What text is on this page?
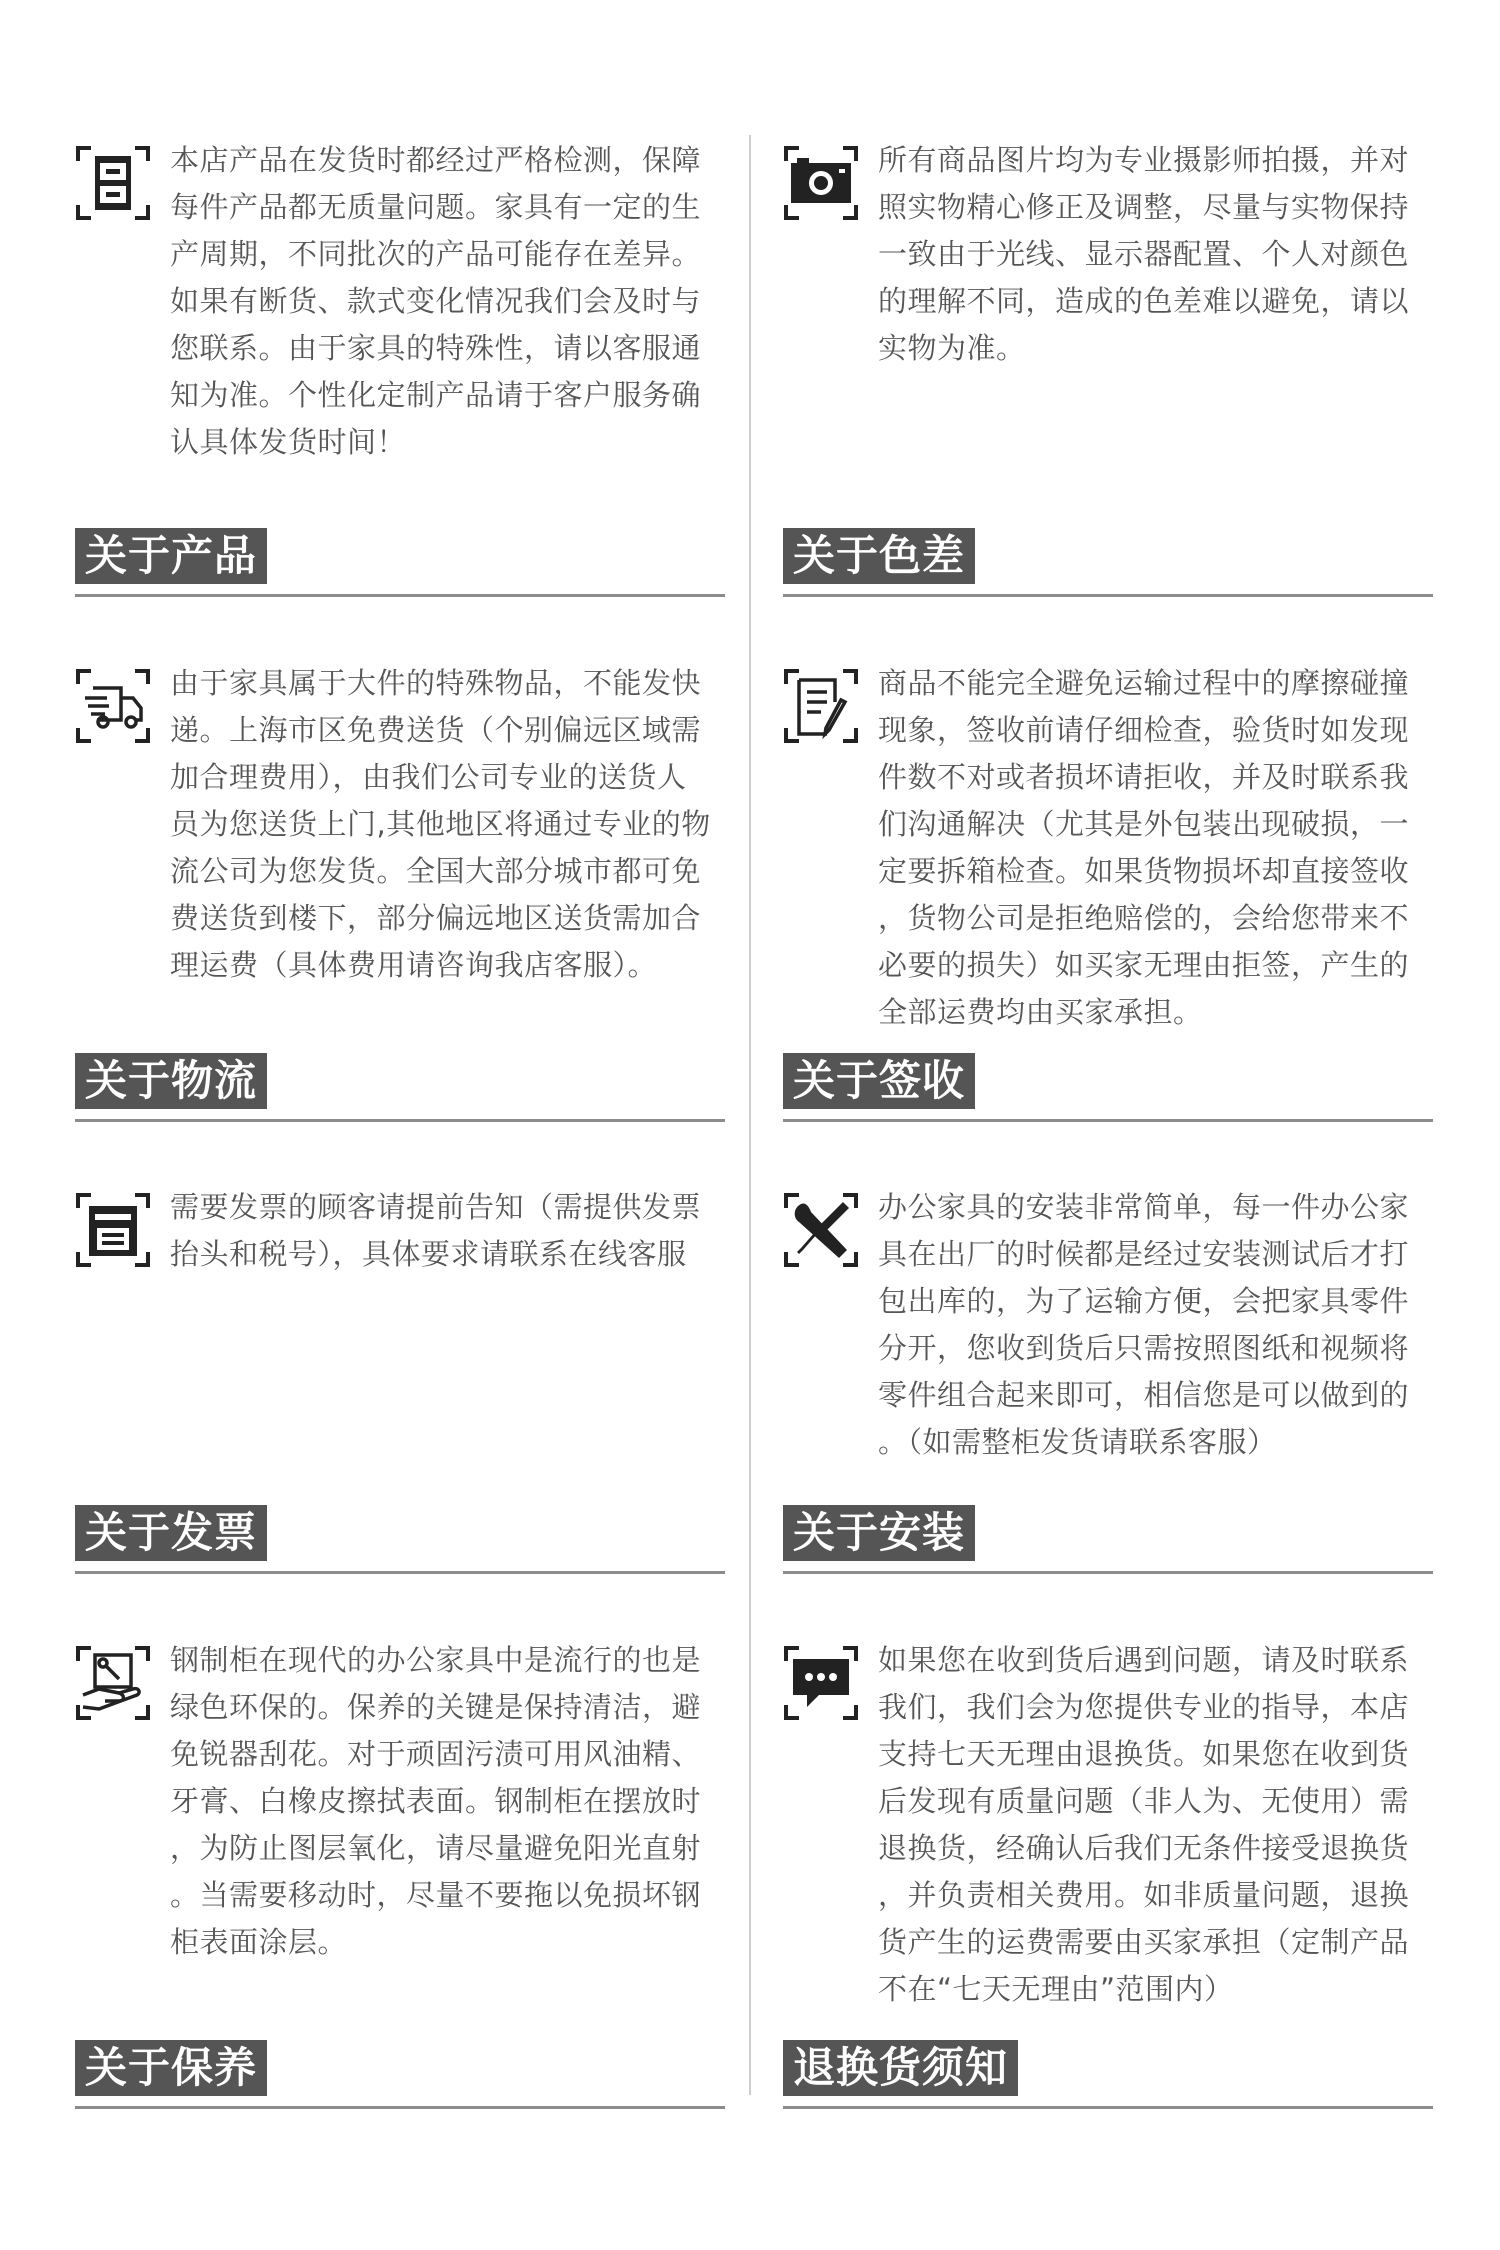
本店产品在发货时都经过严格检测，保障
每件产品都无质量问题。家具有一定的生
产周期，不同批次的产品可能存在差异。
如果有断货、款式变化情况我们会及时与
您联系。由于家具的特殊性，请以客服通
知为准。个性化定制产品请于客户服务确
认具体发货时间！
所有商品图片均为专业摄影师拍摄，并对
照实物精心修正及调整，尽量与实物保持
一致由于光线、显示器配置、个人对颜色
的理解不同，造成的色差难以避免，请以
实物为准。
关于产品	关于色差
由于家具属于大件的特殊物品，不能发快
递。上海市区免费送货（个别偏远区域需
加合理费用），由我们公司专业的送货人
员为您送货上门,其他地区将通过专业的物
流公司为您发货。全国大部分城市都可免
费送货到楼下，部分偏远地区送货需加合
理运费（具体费用请咨询我店客服）。
商品不能完全避免运输过程中的摩擦碰撞
现象，签收前请仔细检查，验货时如发现
件数不对或者损坏请拒收，并及时联系我
们沟通解决（尤其是外包装出现破损，一
定要拆箱检查。如果货物损坏却直接签收
，货物公司是拒绝赔偿的，会给您带来不
必要的损失）如买家无理由拒签，产生的
全部运费均由买家承担。
关于物流	关于签收
需要发票的顾客请提前告知（需提供发票
抬头和税号），具体要求请联系在线客服
办公家具的安装非常简单，每一件办公家
具在出厂的时候都是经过安装测试后才打
包出库的，为了运输方便，会把家具零件
分开，您收到货后只需按照图纸和视频将
零件组合起来即可，相信您是可以做到的
。（如需整柜发货请联系客服）
关于发票	关于安装
钢制柜在现代的办公家具中是流行的也是
绿色环保的。保养的关键是保持清洁，避
免锐器刮花。对于顽固污渍可用风油精、
牙膏、白橡皮擦拭表面。钢制柜在摆放时
，为防止图层氧化，请尽量避免阳光直射
。当需要移动时，尽量不要拖以免损坏钢
柜表面涂层。
如果您在收到货后遇到问题，请及时联系
我们，我们会为您提供专业的指导，本店
支持七天无理由退换货。如果您在收到货
后发现有质量问题（非人为、无使用）需
退换货，经确认后我们无条件接受退换货
，并负责相关费用。如非质量问题，退换
货产生的运费需要由买家承担（定制产品
不在“七天无理由”范围内）
关于保养	退换货须知
